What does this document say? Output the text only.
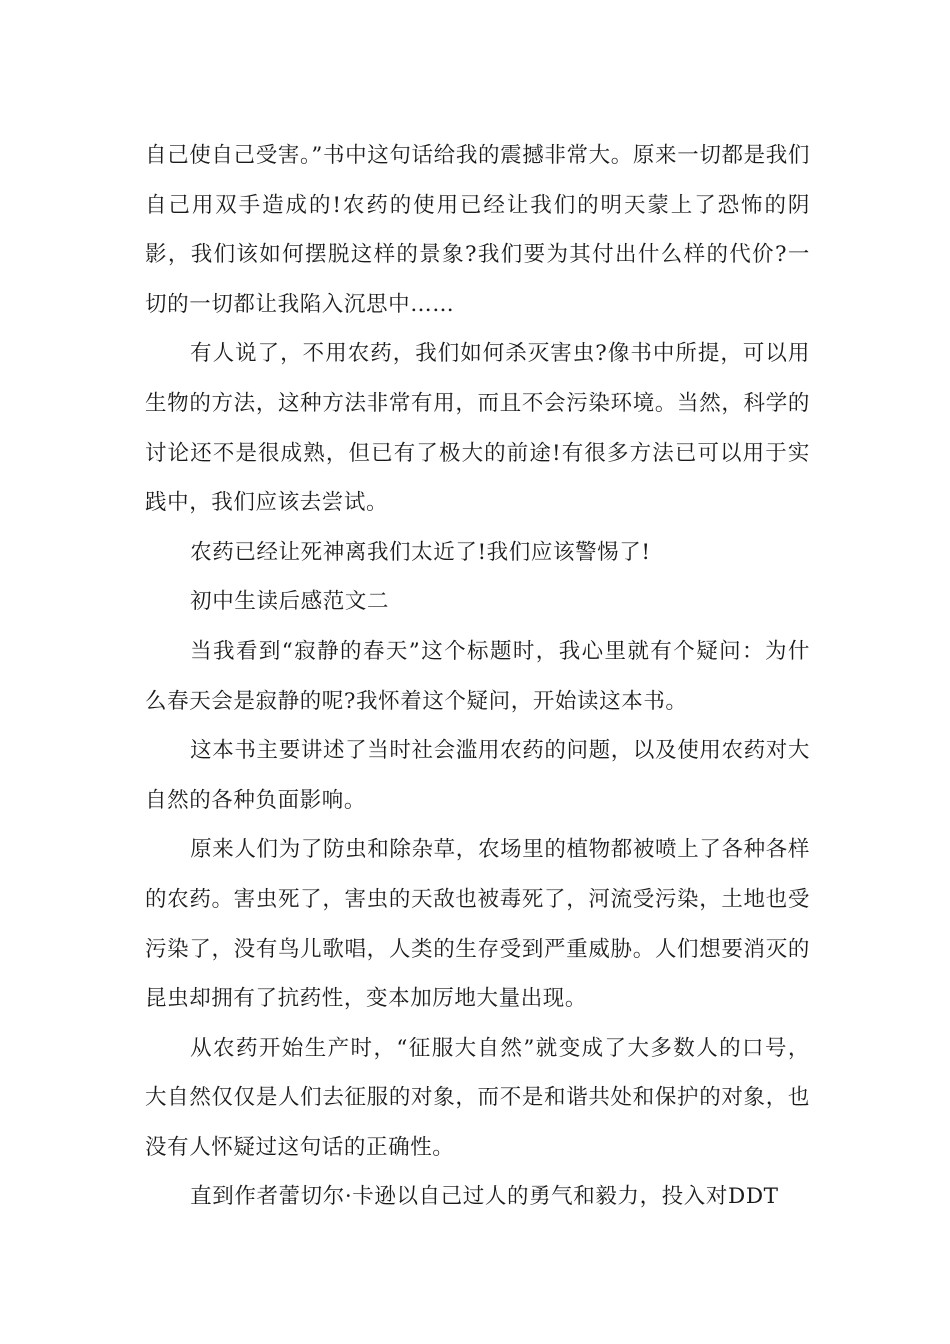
自己使自己受害。”书中这句话给我的震撼非常大。原来一切都是我们自己用双手造成的!农药的使用已经让我们的明天蒙上了恐怖的阴影，我们该如何摆脱这样的景象?我们要为其付出什么样的代价?一切的一切都让我陷入沉思中……

有人说了，不用农药，我们如何杀灭害虫?像书中所提，可以用生物的方法，这种方法非常有用，而且不会污染环境。当然，科学的讨论还不是很成熟，但已有了极大的前途!有很多方法已可以用于实践中，我们应该去尝试。

农药已经让死神离我们太近了!我们应该警惕了!

初中生读后感范文二

当我看到“寂静的春天”这个标题时，我心里就有个疑问：为什么春天会是寂静的呢?我怀着这个疑问，开始读这本书。

这本书主要讲述了当时社会滥用农药的问题，以及使用农药对大自然的各种负面影响。

原来人们为了防虫和除杂草，农场里的植物都被喷上了各种各样的农药。害虫死了，害虫的天敌也被毒死了，河流受污染，土地也受污染了，没有鸟儿歌唱，人类的生存受到严重威胁。人们想要消灭的昆虫却拥有了抗药性，变本加厉地大量出现。

从农药开始生产时，“征服大自然”就变成了大多数人的口号，大自然仅仅是人们去征服的对象，而不是和谐共处和保护的对象，也没有人怀疑过这句话的正确性。

直到作者蕾切尔·卡逊以自己过人的勇气和毅力，投入对DDT
